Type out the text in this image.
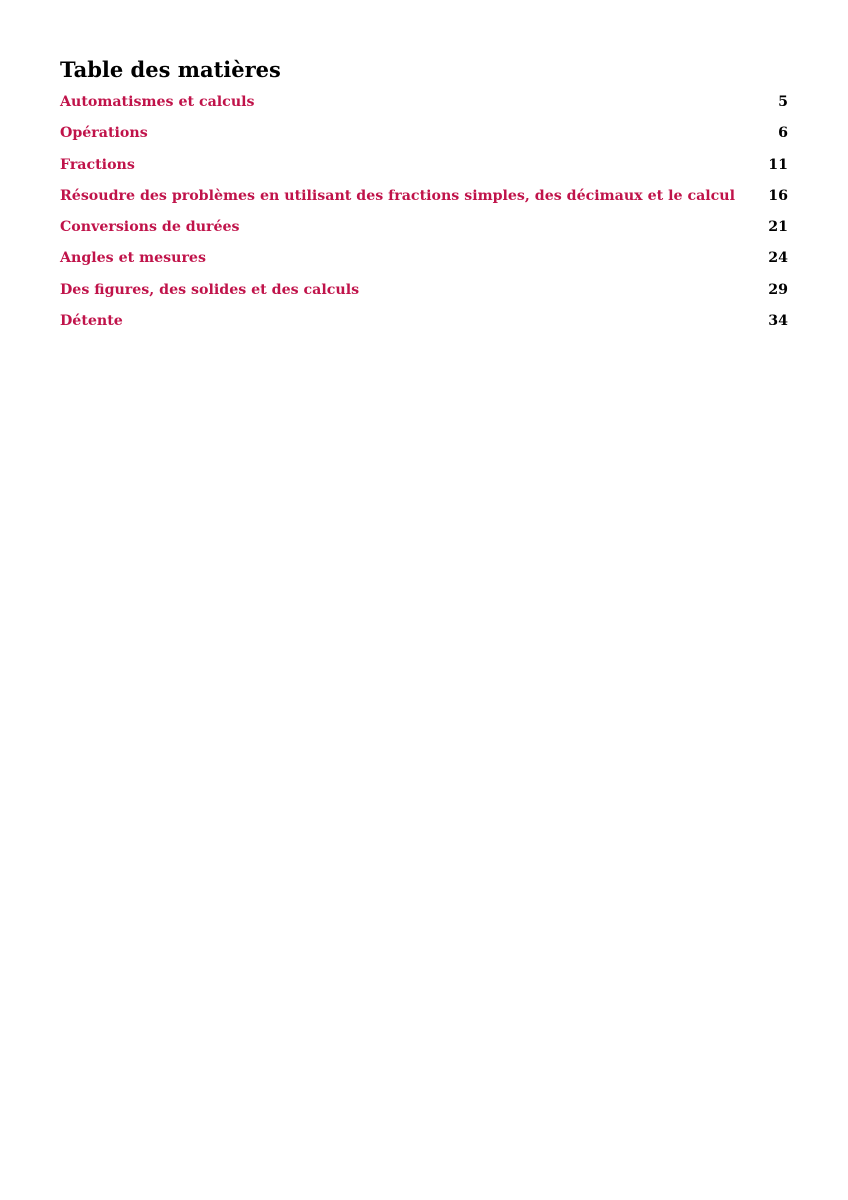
Table des matières
Automatismes et calculs	5
Opérations	6
Fractions	11
Résoudre des problèmes en utilisant des fractions simples, des décimaux et le calcul 16
Conversions de durées	21
Angles et mesures	24
Des figures, des solides et des calculs	29
Détente	34
